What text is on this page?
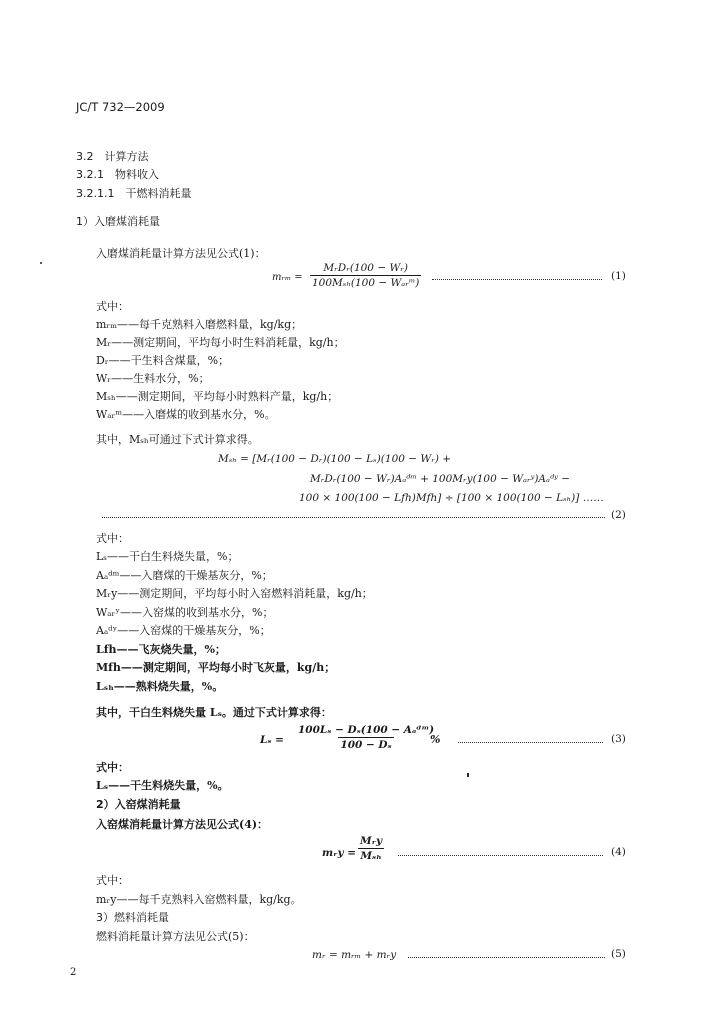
JC/T 732—2009
3.2　计算方法
3.2.1　物料收入
3.2.1.1　干燃料消耗量
1）入磨煤消耗量
入磨煤消耗量计算方法见公式(1)：
mᵣₘ =
MᵣDᵣ(100 − Wᵣ)
100Mₛₕ(100 − Wₐᵣᵐ)
(1)
式中：
mᵣₘ——每千克熟料入磨燃料量，kg/kg；
Mᵣ——测定期间，平均每小时生料消耗量，kg/h；
Dᵣ——干生料含煤量，%；
Wᵣ——生料水分，%；
Mₛₕ——测定期间，平均每小时熟料产量，kg/h；
Wₐᵣᵐ——入磨煤的收到基水分，%。
其中，Mₛₕ可通过下式计算求得。
Mₛₕ = [Mᵣ(100 − Dᵣ)(100 − Lₛ)(100 − Wᵣ) +
MᵣDᵣ(100 − Wᵣ)Aₐᵈᵐ + 100Mᵣy(100 − Wₐᵣʸ)Aₐᵈʸ −
100 × 100(100 − Lfh)Mfh] ÷ [100 × 100(100 − Lₛₕ)] ……
(2)
式中：
Lₛ——干白生料烧失量，%；
Aₐᵈᵐ——入磨煤的干燥基灰分，%；
Mᵣy——测定期间，平均每小时入窑燃料消耗量，kg/h；
Wₐᵣʸ——入窑煤的收到基水分，%；
Aₐᵈʸ——入窑煤的干燥基灰分，%；
Lfh——飞灰烧失量，%；
Mfh——测定期间，平均每小时飞灰量，kg/h；
Lₛₕ——熟料烧失量，%。
其中，干白生料烧失量 Lₛ。通过下式计算求得：
Lₛ =
100Lₛ − Dₛ(100 − Aₐᵈᵐ)
100 − Dₛ	%	(3)
式中：
Lₛ——干生料烧失量，%。
2）入窑煤消耗量
入窑煤消耗量计算方法见公式(4)：
mᵣy =
Mᵣy
Mₛₕ	(4)
式中：
mᵣy——每千克熟料入窑燃料量，kg/kg。
3）燃料消耗量
燃料消耗量计算方法见公式(5)：
mᵣ = mᵣₘ + mᵣy	(5)
2
